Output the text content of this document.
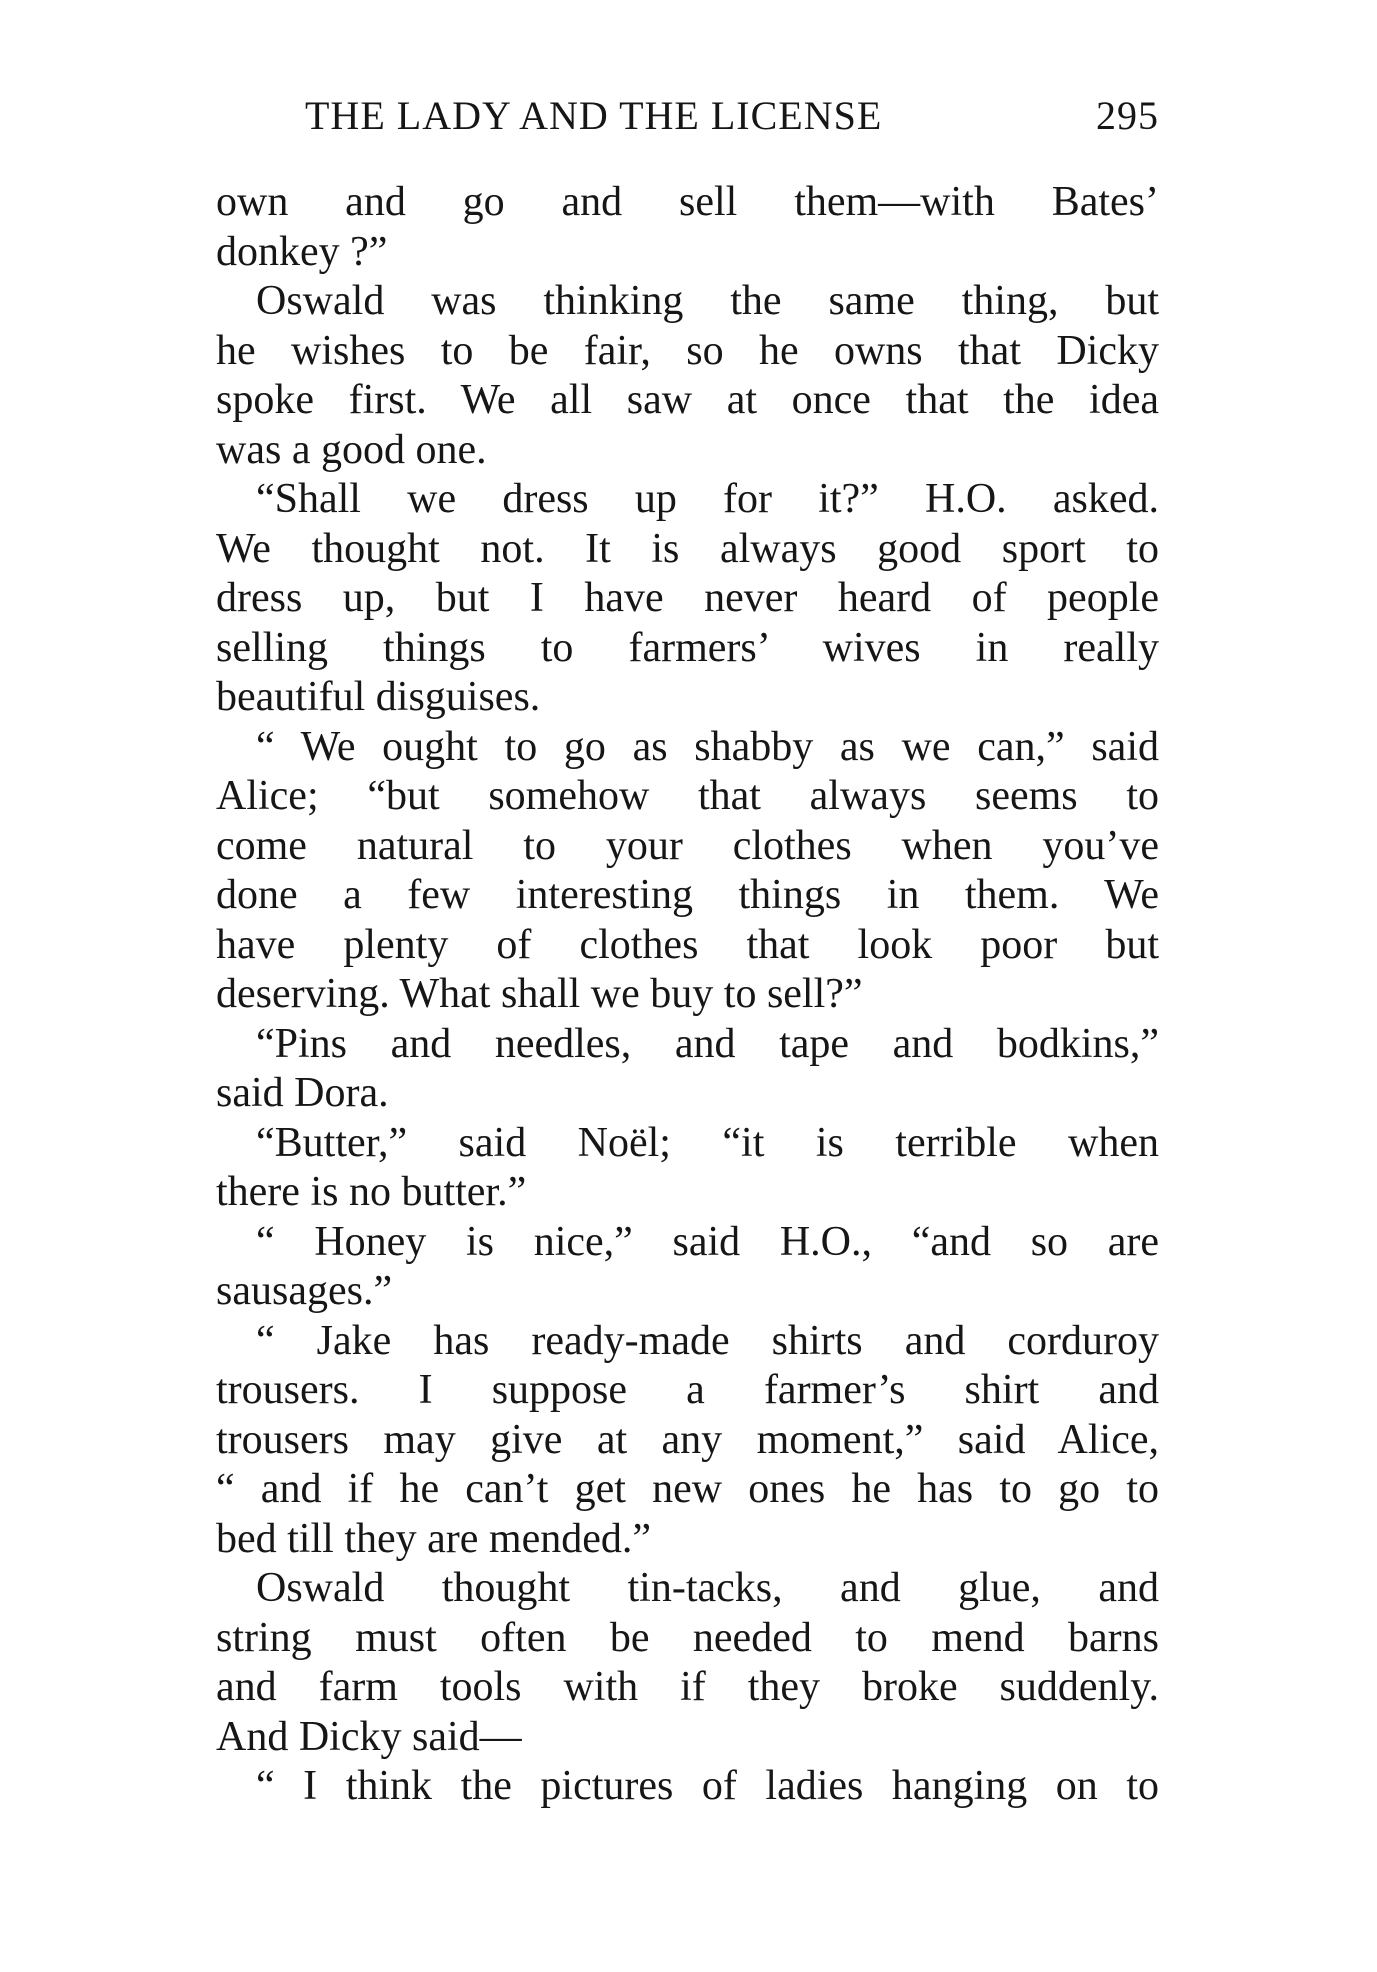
THE LADY AND THE LICENSE	295
own and go and sell them—with Bates’
donkey ?”
Oswald was thinking the same thing, but
he wishes to be fair, so he owns that Dicky
spoke first. We all saw at once that the idea
was a good one.
“Shall we dress up for it?” H.O. asked.
We thought not. It is always good sport to
dress up, but I have never heard of people
selling things to farmers’ wives in really
beautiful disguises.
“ We ought to go as shabby as we can,” said
Alice; “but somehow that always seems to
come natural to your clothes when you’ve
done a few interesting things in them. We
have plenty of clothes that look poor but
deserving. What shall we buy to sell?”
“Pins and needles, and tape and bodkins,”
said Dora.
“Butter,” said Noël; “it is terrible when
there is no butter.”
“ Honey is nice,” said H.O., “and so are
sausages.”
“ Jake has ready-made shirts and corduroy
trousers. I suppose a farmer’s shirt and
trousers may give at any moment,” said Alice,
“ and if he can’t get new ones he has to go to
bed till they are mended.”
Oswald thought tin-tacks, and glue, and
string must often be needed to mend barns
and farm tools with if they broke suddenly.
And Dicky said—
“ I think the pictures of ladies hanging on to
